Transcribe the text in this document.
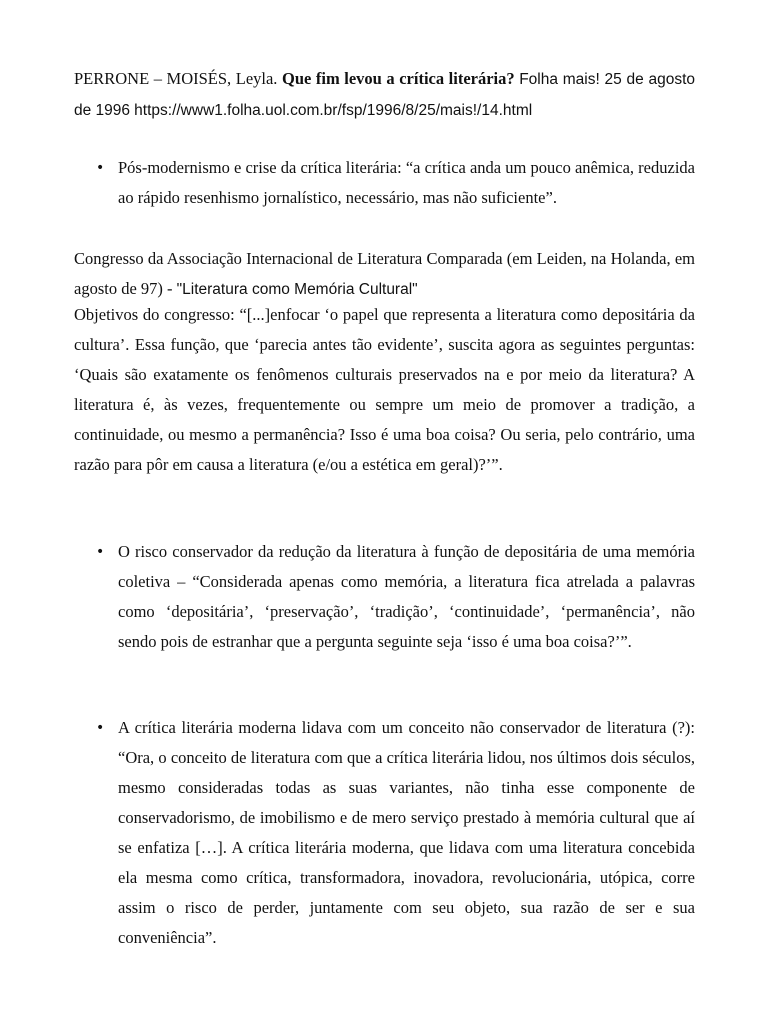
PERRONE – MOISÉS, Leyla. Que fim levou a crítica literária? Folha mais! 25 de agosto de 1996 https://www1.folha.uol.com.br/fsp/1996/8/25/mais!/14.html

• Pós-modernismo e crise da crítica literária: “a crítica anda um pouco anêmica, reduzida ao rápido resenhismo jornalístico, necessário, mas não suficiente”.

Congresso da Associação Internacional de Literatura Comparada (em Leiden, na Holanda, em agosto de 97) - "Literatura como Memória Cultural"

Objetivos do congresso: “[...]enfocar ‘o papel que representa a literatura como depositária da cultura’. Essa função, que ‘parecia antes tão evidente’, suscita agora as seguintes perguntas: ‘Quais são exatamente os fenômenos culturais preservados na e por meio da literatura? A literatura é, às vezes, frequentemente ou sempre um meio de promover a tradição, a continuidade, ou mesmo a permanência? Isso é uma boa coisa? Ou seria, pelo contrário, uma razão para pôr em causa a literatura (e/ou a estética em geral)?’”.

• O risco conservador da redução da literatura à função de depositária de uma memória coletiva – “Considerada apenas como memória, a literatura fica atrelada a palavras como ‘depositária’, ‘preservação’, ‘tradição’, ‘continuidade’, ‘permanência’, não sendo pois de estranhar que a pergunta seguinte seja ‘isso é uma boa coisa?’”.
• A crítica literária moderna lidava com um conceito não conservador de literatura (?): “Ora, o conceito de literatura com que a crítica literária lidou, nos últimos dois séculos, mesmo consideradas todas as suas variantes, não tinha esse componente de conservadorismo, de imobilismo e de mero serviço prestado à memória cultural que aí se enfatiza […]. A crítica literária moderna, que lidava com uma literatura concebida ela mesma como crítica, transformadora, inovadora, revolucionária, utópica, corre assim o risco de perder, juntamente com seu objeto, sua razão de ser e sua conveniência”.
